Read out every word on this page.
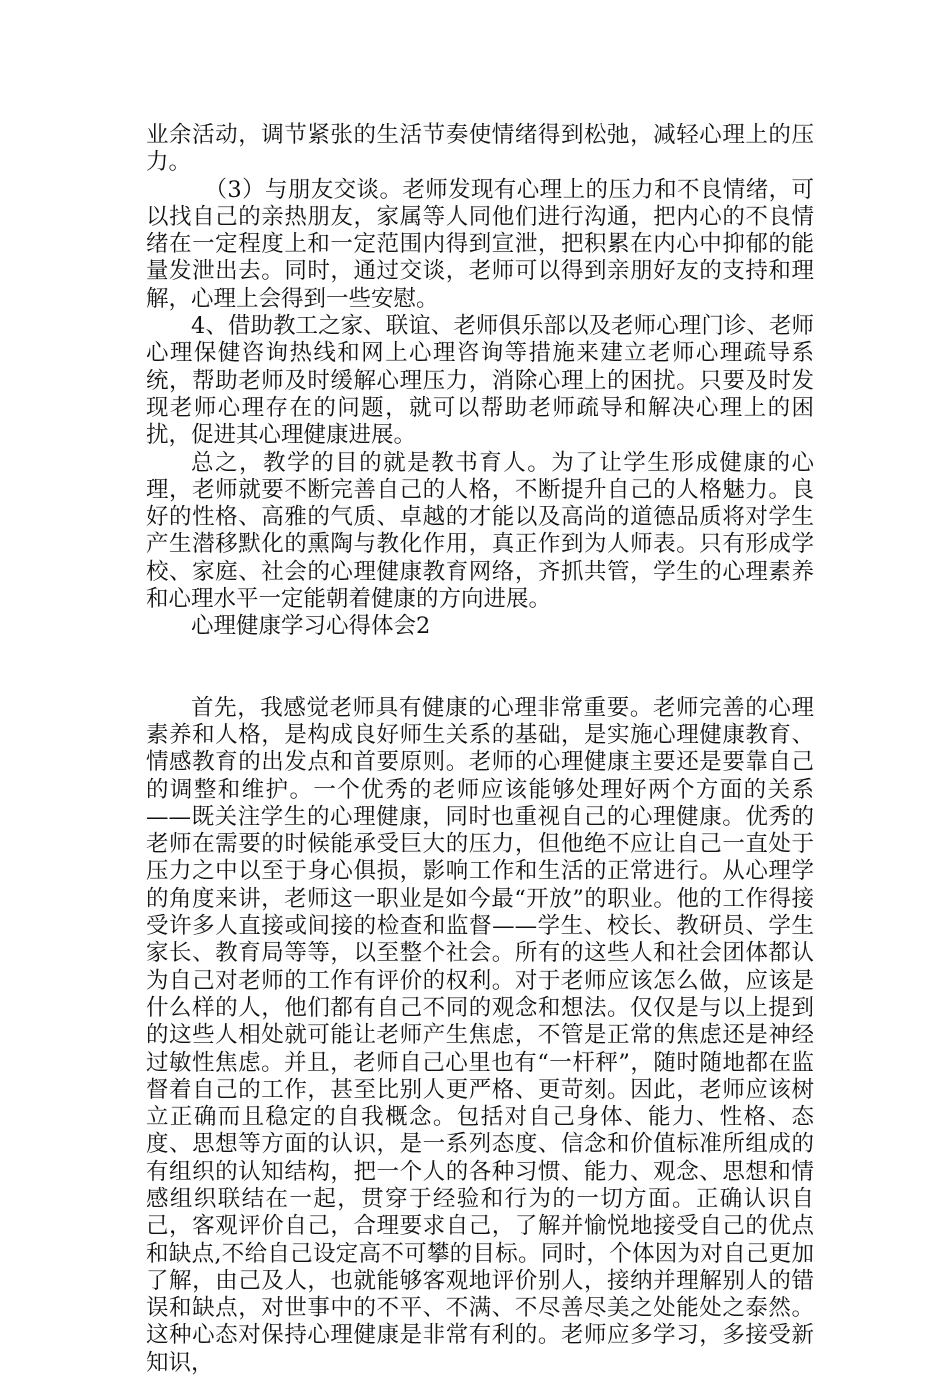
业余活动，调节紧张的生活节奏使情绪得到松弛，减轻心理上的压力。

（3）与朋友交谈。老师发现有心理上的压力和不良情绪，可以找自己的亲热朋友，家属等人同他们进行沟通，把内心的不良情绪在一定程度上和一定范围内得到宣泄，把积累在内心中抑郁的能量发泄出去。同时，通过交谈，老师可以得到亲朋好友的支持和理解，心理上会得到一些安慰。

4、借助教工之家、联谊、老师俱乐部以及老师心理门诊、老师心理保健咨询热线和网上心理咨询等措施来建立老师心理疏导系统，帮助老师及时缓解心理压力，消除心理上的困扰。只要及时发现老师心理存在的问题，就可以帮助老师疏导和解决心理上的困扰，促进其心理健康进展。

总之，教学的目的就是教书育人。为了让学生形成健康的心理，老师就要不断完善自己的人格，不断提升自己的人格魅力。良好的性格、高雅的气质、卓越的才能以及高尚的道德品质将对学生产生潜移默化的熏陶与教化作用，真正作到为人师表。只有形成学校、家庭、社会的心理健康教育网络，齐抓共管，学生的心理素养和心理水平一定能朝着健康的方向进展。

心理健康学习心得体会2

首先，我感觉老师具有健康的心理非常重要。老师完善的心理素养和人格，是构成良好师生关系的基础，是实施心理健康教育、情感教育的出发点和首要原则。老师的心理健康主要还是要靠自己的调整和维护。一个优秀的老师应该能够处理好两个方面的关系——既关注学生的心理健康，同时也重视自己的心理健康。优秀的老师在需要的时候能承受巨大的压力，但他绝不应让自己一直处于压力之中以至于身心俱损，影响工作和生活的正常进行。从心理学的角度来讲，老师这一职业是如今最“开放”的职业。他的工作得接受许多人直接或间接的检查和监督——学生、校长、教研员、学生家长、教育局等等，以至整个社会。所有的这些人和社会团体都认为自己对老师的工作有评价的权利。对于老师应该怎么做，应该是什么样的人，他们都有自己不同的观念和想法。仅仅是与以上提到的这些人相处就可能让老师产生焦虑，不管是正常的焦虑还是神经过敏性焦虑。并且，老师自己心里也有“一杆秤”，随时随地都在监督着自己的工作，甚至比别人更严格、更苛刻。因此，老师应该树立正确而且稳定的自我概念。包括对自己身体、能力、性格、态度、思想等方面的认识，是一系列态度、信念和价值标准所组成的有组织的认知结构，把一个人的各种习惯、能力、观念、思想和情感组织联结在一起，贯穿于经验和行为的一切方面。正确认识自己，客观评价自己，合理要求自己，了解并愉悦地接受自己的优点和缺点,不给自己设定高不可攀的目标。同时，个体因为对自己更加了解，由己及人，也就能够客观地评价别人，接纳并理解别人的错误和缺点，对世事中的不平、不满、不尽善尽美之处能处之泰然。这种心态对保持心理健康是非常有利的。老师应多学习，多接受新知识，
